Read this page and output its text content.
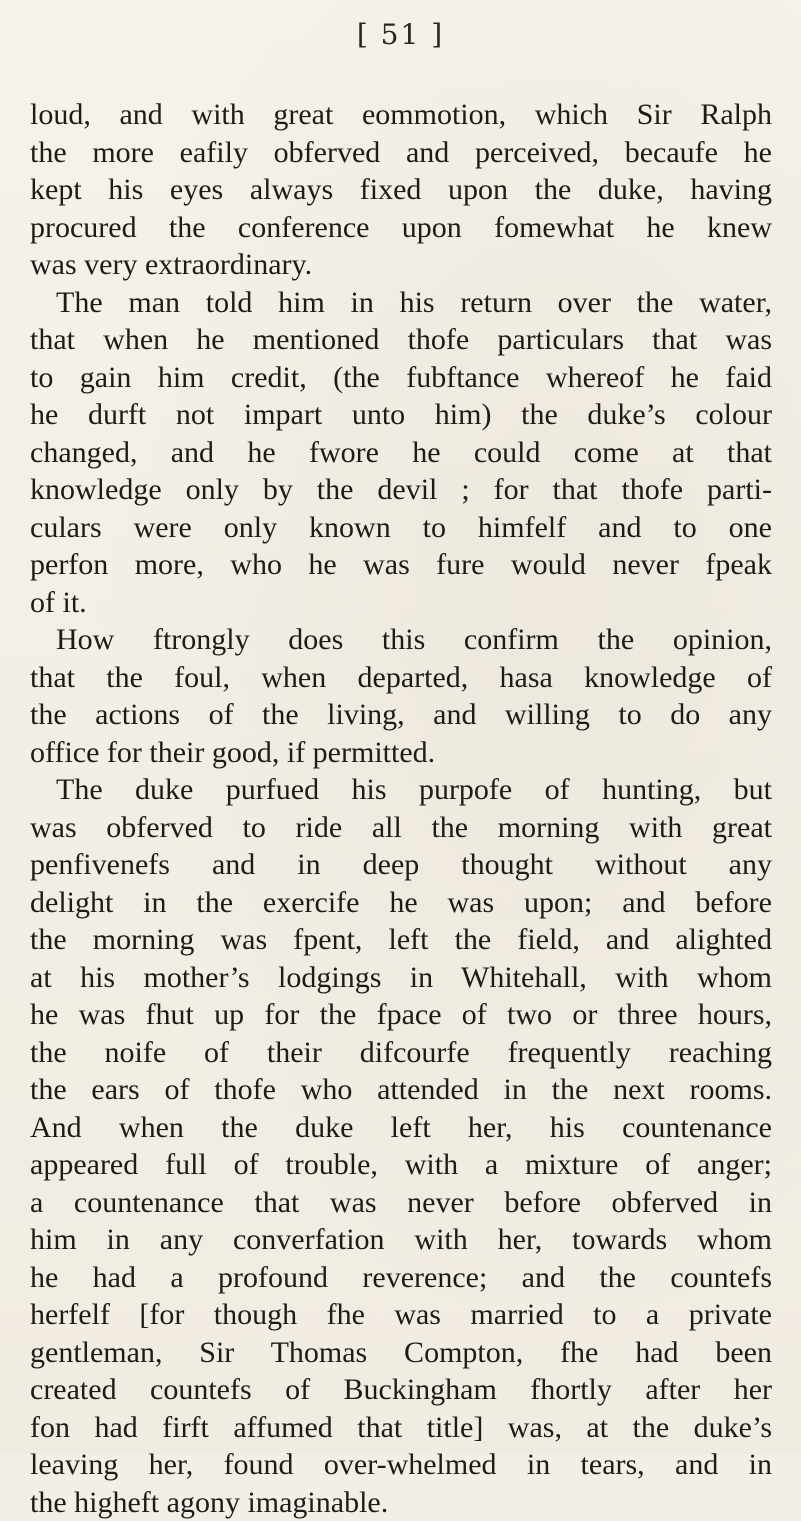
[ 51 ]
loud, and with great eommotion, which Sir Ralph
the more eafily obferved and perceived, becaufe he
kept his eyes always fixed upon the duke, having
procured the conference upon fomewhat he knew
was very extraordinary.
The man told him in his return over the water,
that when he mentioned thofe particulars that was
to gain him credit, (the fubftance whereof he faid
he durft not impart unto him) the duke’s colour
changed, and he fwore he could come at that
knowledge only by the devil ; for that thofe parti-
culars were only known to himfelf and to one
perfon more, who he was fure would never fpeak
of it.
How ftrongly does this confirm the opinion,
that the foul, when departed, hasa knowledge of
the actions of the living, and willing to do any
office for their good, if permitted.
The duke purfued his purpofe of hunting, but
was obferved to ride all the morning with great
penfivenefs and in deep thought without any
delight in the exercife he was upon; and before
the morning was fpent, left the field, and alighted
at his mother’s lodgings in Whitehall, with whom
he was fhut up for the fpace of two or three hours,
the noife of their difcourfe frequently reaching
the ears of thofe who attended in the next rooms.
And when the duke left her, his countenance
appeared full of trouble, with a mixture of anger;
a countenance that was never before obferved in
him in any converfation with her, towards whom
he had a profound reverence; and the countefs
herfelf [for though fhe was married to a private
gentleman, Sir Thomas Compton, fhe had been
created countefs of Buckingham fhortly after her
fon had firft affumed that title] was, at the duke’s
leaving her, found over-whelmed in tears, and in
the higheft agony imaginable.
